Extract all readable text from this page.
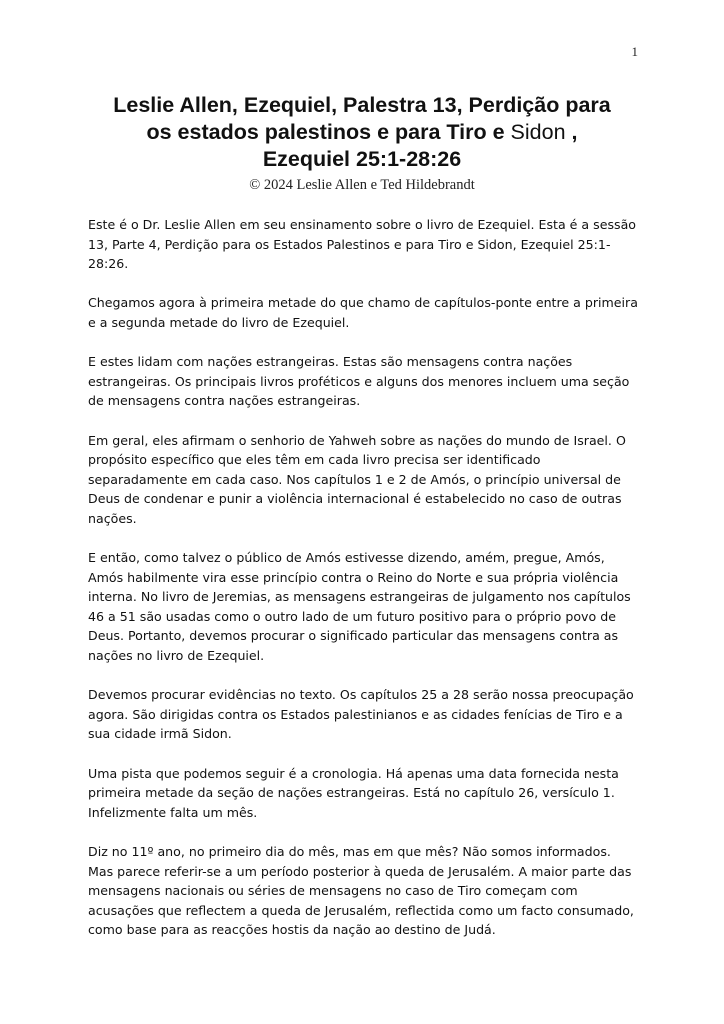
1
Leslie Allen, Ezequiel, Palestra 13, Perdição para
os estados palestinos e para Tiro e Sidon ,
Ezequiel 25:1-28:26
© 2024 Leslie Allen e Ted Hildebrandt

Este é o Dr. Leslie Allen em seu ensinamento sobre o livro de Ezequiel. Esta é a sessão 13, Parte 4, Perdição para os Estados Palestinos e para Tiro e Sidon, Ezequiel 25:1-28:26.

Chegamos agora à primeira metade do que chamo de capítulos-ponte entre a primeira e a segunda metade do livro de Ezequiel.

E estes lidam com nações estrangeiras. Estas são mensagens contra nações estrangeiras. Os principais livros proféticos e alguns dos menores incluem uma seção de mensagens contra nações estrangeiras.

Em geral, eles afirmam o senhorio de Yahweh sobre as nações do mundo de Israel. O propósito específico que eles têm em cada livro precisa ser identificado separadamente em cada caso. Nos capítulos 1 e 2 de Amós, o princípio universal de Deus de condenar e punir a violência internacional é estabelecido no caso de outras nações.

E então, como talvez o público de Amós estivesse dizendo, amém, pregue, Amós, Amós habilmente vira esse princípio contra o Reino do Norte e sua própria violência interna. No livro de Jeremias, as mensagens estrangeiras de julgamento nos capítulos 46 a 51 são usadas como o outro lado de um futuro positivo para o próprio povo de Deus. Portanto, devemos procurar o significado particular das mensagens contra as nações no livro de Ezequiel.

Devemos procurar evidências no texto. Os capítulos 25 a 28 serão nossa preocupação agora. São dirigidas contra os Estados palestinianos e as cidades fenícias de Tiro e a sua cidade irmã Sidon.

Uma pista que podemos seguir é a cronologia. Há apenas uma data fornecida nesta primeira metade da seção de nações estrangeiras. Está no capítulo 26, versículo 1. Infelizmente falta um mês.

Diz no 11º ano, no primeiro dia do mês, mas em que mês? Não somos informados. Mas parece referir-se a um período posterior à queda de Jerusalém. A maior parte das mensagens nacionais ou séries de mensagens no caso de Tiro começam com acusações que reflectem a queda de Jerusalém, reflectida como um facto consumado, como base para as reacções hostis da nação ao destino de Judá.
